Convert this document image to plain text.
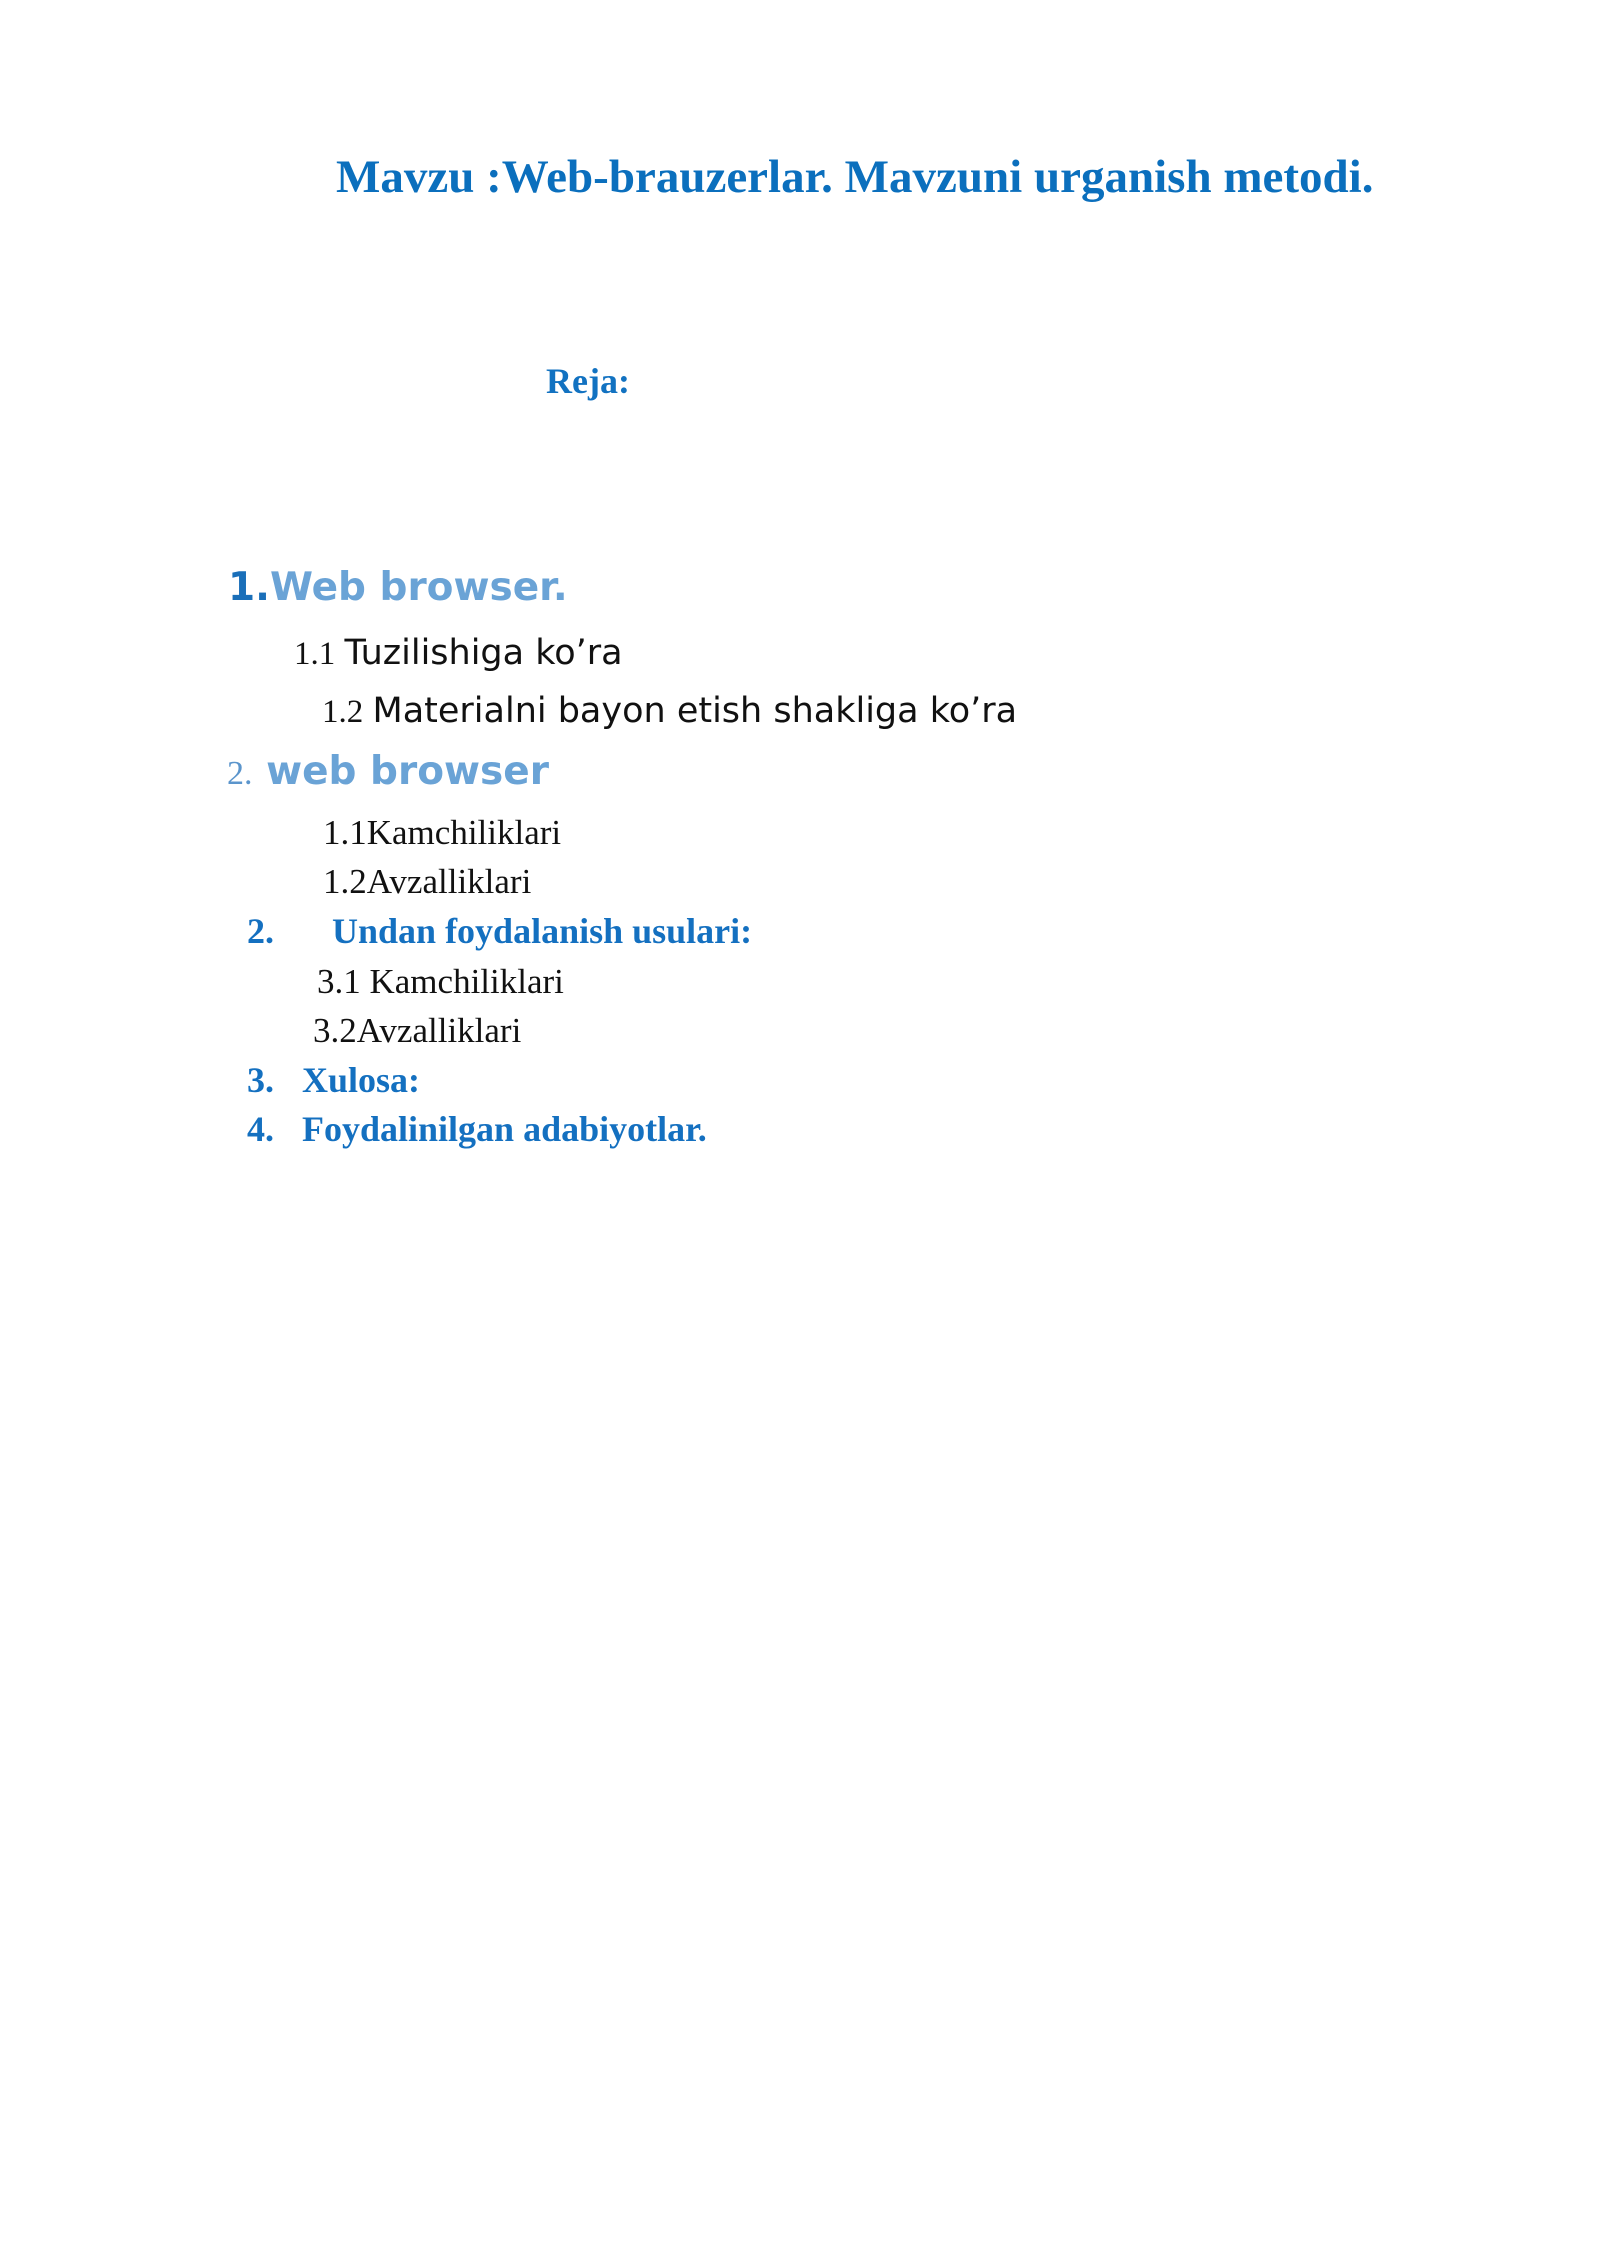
Mavzu :Web-brauzerlar. Mavzuni urganish metodi.
Reja:
1.Web browser.
1.1 Tuzilishiga ko’ra
1.2 Materialni bayon etish shakliga ko’ra
2. web browser
1.1Kamchiliklari
1.2Avzalliklari
2. Undan foydalanish usulari:
3.1 Kamchiliklari
3.2Avzalliklari
3. Xulosa:
4. Foydalinilgan adabiyotlar.
